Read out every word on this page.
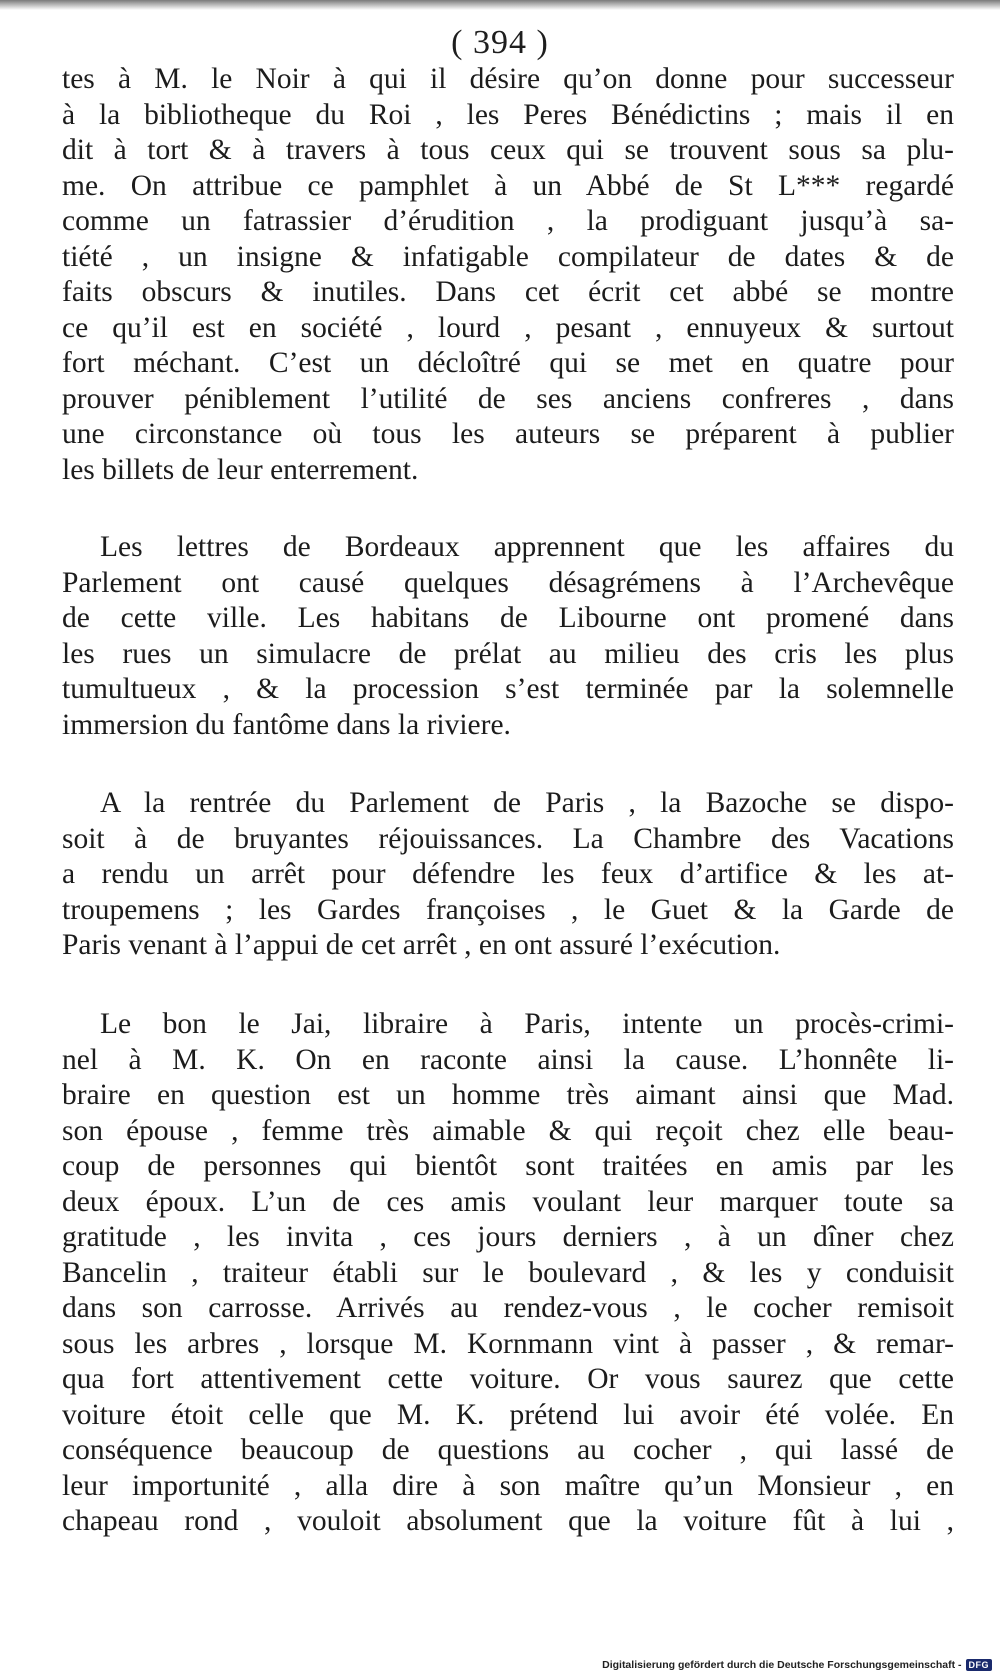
( 394 )
tes à M. le Noir à qui il désire qu’on donne pour successeur
à la bibliotheque du Roi , les Peres Bénédictins ; mais il en
dit à tort & à travers à tous ceux qui se trouvent sous sa plu-
me. On attribue ce pamphlet à un Abbé de St L*** regardé
comme un fatrassier d’érudition , la prodiguant jusqu’à sa-
tiété , un insigne & infatigable compilateur de dates & de
faits obscurs & inutiles. Dans cet écrit cet abbé se montre
ce qu’il est en société , lourd , pesant , ennuyeux & surtout
fort méchant. C’est un décloîtré qui se met en quatre pour
prouver péniblement l’utilité de ses anciens confreres , dans
une circonstance où tous les auteurs se préparent à publier
les billets de leur enterrement.
Les lettres de Bordeaux apprennent que les affaires du
Parlement ont causé quelques désagrémens à l’Archevêque
de cette ville. Les habitans de Libourne ont promené dans
les rues un simulacre de prélat au milieu des cris les plus
tumultueux , & la procession s’est terminée par la solemnelle
immersion du fantôme dans la riviere.
A la rentrée du Parlement de Paris , la Bazoche se dispo-
soit à de bruyantes réjouissances. La Chambre des Vacations
a rendu un arrêt pour défendre les feux d’artifice & les at-
troupemens ; les Gardes françoises , le Guet & la Garde de
Paris venant à l’appui de cet arrêt , en ont assuré l’exécution.
Le bon le Jai, libraire à Paris, intente un procès-crimi-
nel à M. K. On en raconte ainsi la cause. L’honnête li-
braire en question est un homme très aimant ainsi que Mad.
son épouse , femme très aimable & qui reçoit chez elle beau-
coup de personnes qui bientôt sont traitées en amis par les
deux époux. L’un de ces amis voulant leur marquer toute sa
gratitude , les invita , ces jours derniers , à un dîner chez
Bancelin , traiteur établi sur le boulevard , & les y conduisit
dans son carrosse. Arrivés au rendez-vous , le cocher remisoit
sous les arbres , lorsque M. Kornmann vint à passer , & remar-
qua fort attentivement cette voiture. Or vous saurez que cette
voiture étoit celle que M. K. prétend lui avoir été volée. En
conséquence beaucoup de questions au cocher , qui lassé de
leur importunité , alla dire à son maître qu’un Monsieur , en
chapeau rond , vouloit absolument que la voiture fût à lui ,
Digitalisierung gefördert durch die Deutsche Forschungsgemeinschaft - DFG
